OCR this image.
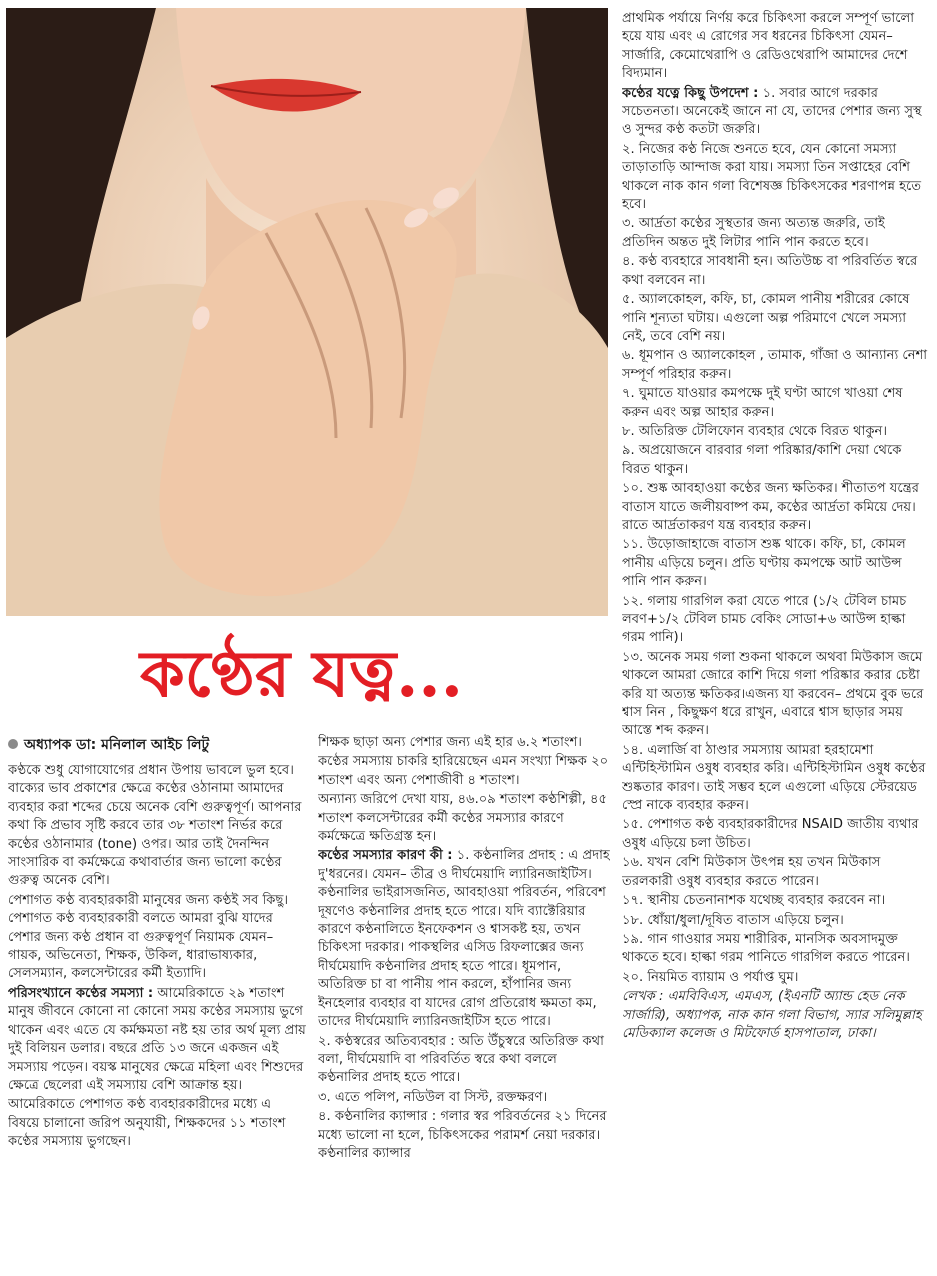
কণ্ঠের যত্ন...
অধ্যাপক ডা: মনিলাল আইচ লিটু

কণ্ঠকে শুধু যোগাযোগের প্রধান উপায় ভাবলে ভুল হবে। বাক্যের ভাব প্রকাশের ক্ষেত্রে কণ্ঠের ওঠানামা আমাদের ব্যবহার করা শব্দের চেয়ে অনেক বেশি গুরুত্বপূর্ণ। আপনার কথা কি প্রভাব সৃষ্টি করবে তার ৩৮ শতাংশ নির্ভর করে কণ্ঠের ওঠানামার (tone) ওপর। আর তাই দৈনন্দিন সাংসারিক বা কর্মক্ষেত্রে কথাবার্তার জন্য ভালো কণ্ঠের গুরুত্ব অনেক বেশি।

পেশাগত কণ্ঠ ব্যবহারকারী মানুষের জন্য কণ্ঠই সব কিছু। পেশাগত কণ্ঠ ব্যবহারকারী বলতে আমরা বুঝি যাদের পেশার জন্য কণ্ঠ প্রধান বা গুরুত্বপূর্ণ নিয়ামক যেমন– গায়ক, অভিনেতা, শিক্ষক, উকিল, ধারাভাষ্যকার, সেলসম্যান, কলসেন্টারের কর্মী ইত্যাদি।

পরিসংখ্যানে কণ্ঠের সমস্যা : আমেরিকাতে ২৯ শতাংশ মানুষ জীবনে কোনো না কোনো সময় কণ্ঠের সমস্যায় ভুগে থাকেন এবং এতে যে কর্মক্ষমতা নষ্ট হয় তার অর্থ মূল্য প্রায় দুই বিলিয়ন ডলার। বছরে প্রতি ১৩ জনে একজন এই সমস্যায় পড়েন। বয়স্ক মানুষের ক্ষেত্রে মহিলা এবং শিশুদের ক্ষেত্রে ছেলেরা এই সমস্যায় বেশি আক্রান্ত হয়।

আমেরিকাতে পেশাগত কণ্ঠ ব্যবহারকারীদের মধ্যে এ বিষয়ে চালানো জরিপ অনুযায়ী, শিক্ষকদের ১১ শতাংশ কণ্ঠের সমস্যায় ভুগছেন।

শিক্ষক ছাড়া অন্য পেশার জন্য এই হার ৬.২ শতাংশ।

কণ্ঠের সমস্যায় চাকরি হারিয়েছেন এমন সংখ্যা শিক্ষক ২০ শতাংশ এবং অন্য পেশাজীবী ৪ শতাংশ।

অন্যান্য জরিপে দেখা যায়, ৪৬.০৯ শতাংশ কণ্ঠশিল্পী, ৪৫ শতাংশ কলসেন্টারের কর্মী কণ্ঠের সমস্যার কারণে কর্মক্ষেত্রে ক্ষতিগ্রস্ত হন।

কণ্ঠের সমস্যার কারণ কী : ১. কণ্ঠনালির প্রদাহ : এ প্রদাহ দু'ধরনের। যেমন– তীব্র ও দীর্ঘমেয়াদি ল্যারিনজাইটিস। কণ্ঠনালির ভাইরাসজনিত, আবহাওয়া পরিবর্তন, পরিবেশ দূষণেও কণ্ঠনালির প্রদাহ হতে পারে। যদি ব্যাক্টেরিয়ার কারণে কণ্ঠনালিতে ইনফেকশন ও শ্বাসকষ্ট হয়, তখন চিকিৎসা দরকার। পাকস্থলির এসিড রিফলাক্সের জন্য দীর্ঘমেয়াদি কণ্ঠনালির প্রদাহ হতে পারে। ধূমপান, অতিরিক্ত চা বা পানীয় পান করলে, হাঁপানির জন্য ইনহেলার ব্যবহার বা যাদের রোগ প্রতিরোধ ক্ষমতা কম, তাদের দীর্ঘমেয়াদি ল্যারিনজাইটিস হতে পারে।

২. কণ্ঠস্বরের অতিব্যবহার : অতি উঁচুস্বরে অতিরিক্ত কথা বলা, দীর্ঘমেয়াদি বা পরিবর্তিত স্বরে কথা বললে কণ্ঠনালির প্রদাহ হতে পারে।

৩. এতে পলিপ, নডিউল বা সিস্ট, রক্তক্ষরণ।

৪. কণ্ঠনালির ক্যান্সার : গলার স্বর পরিবর্তনের ২১ দিনের মধ্যে ভালো না হলে, চিকিৎসকের পরামর্শ নেয়া দরকার। কণ্ঠনালির ক্যান্সার

প্রাথমিক পর্যায়ে নির্ণয় করে চিকিৎসা করলে সম্পূর্ণ ভালো হয়ে যায় এবং এ রোগের সব ধরনের চিকিৎসা যেমন– সার্জারি, কেমোথেরাপি ও রেডিওথেরাপি আমাদের দেশে বিদ্যমান।

কণ্ঠের যত্নে কিছু উপদেশ : ১. সবার আগে দরকার সচেতনতা। অনেকেই জানে না যে, তাদের পেশার জন্য সুস্থ ও সুন্দর কণ্ঠ কতটা জরুরি।

২. নিজের কণ্ঠ নিজে শুনতে হবে, যেন কোনো সমস্যা তাড়াতাড়ি আন্দাজ করা যায়। সমস্যা তিন সপ্তাহের বেশি থাকলে নাক কান গলা বিশেষজ্ঞ চিকিৎসকের শরণাপন্ন হতে হবে।

৩. আর্দ্রতা কণ্ঠের সুস্থতার জন্য অত্যন্ত জরুরি, তাই প্রতিদিন অন্তত দুই লিটার পানি পান করতে হবে।

৪. কণ্ঠ ব্যবহারে সাবধানী হন। অতিউচ্চ বা পরিবর্তিত স্বরে কথা বলবেন না।

৫. অ্যালকোহল, কফি, চা, কোমল পানীয় শরীরের কোষে পানি শূন্যতা ঘটায়। এগুলো অল্প পরিমাণে খেলে সমস্যা নেই, তবে বেশি নয়।

৬. ধূমপান ও অ্যালকোহল , তামাক, গাঁজা ও আন্যান্য নেশা সম্পূর্ণ পরিহার করুন।

৭. ঘুমাতে যাওয়ার কমপক্ষে দুই ঘণ্টা আগে খাওয়া শেষ করুন এবং অল্প আহার করুন।

৮. অতিরিক্ত টেলিফোন ব্যবহার থেকে বিরত থাকুন।

৯. অপ্রয়োজনে বারবার গলা পরিষ্কার/কাশি দেয়া থেকে বিরত থাকুন।

১০. শুষ্ক আবহাওয়া কণ্ঠের জন্য ক্ষতিকর। শীতাতপ যন্ত্রের বাতাস যাতে জলীয়বাষ্প কম, কণ্ঠের আর্দ্রতা কমিয়ে দেয়। রাতে আর্দ্রতাকরণ যন্ত্র ব্যবহার করুন।

১১. উড়োজাহাজে বাতাস শুষ্ক থাকে। কফি, চা, কোমল পানীয় এড়িয়ে চলুন। প্রতি ঘণ্টায় কমপক্ষে আট আউন্স পানি পান করুন।

১২. গলায় গারগিল করা যেতে পারে (১/২ টেবিল চামচ লবণ+১/২ টেবিল চামচ বেকিং সোডা+৬ আউন্স হাল্কা গরম পানি)।

১৩. অনেক সময় গলা শুকনা থাকলে অথবা মিউকাস জমে থাকলে আমরা জোরে কাশি দিয়ে গলা পরিষ্কার করার চেষ্টা করি যা অত্যন্ত ক্ষতিকর।এজন্য যা করবেন– প্রথমে বুক ভরে শ্বাস নিন , কিছুক্ষণ ধরে রাখুন, এবারে শ্বাস ছাড়ার সময় আস্তে শব্দ করুন।

১৪. এলার্জি বা ঠাণ্ডার সমস্যায় আমরা হরহামেশা এন্টিহিস্টামিন ওষুধ ব্যবহার করি। এন্টিহিস্টামিন ওষুধ কণ্ঠের শুষ্কতার কারণ। তাই সম্ভব হলে এগুলো এড়িয়ে স্টেরয়েড স্প্রে নাকে ব্যবহার করুন।

১৫. পেশাগত কণ্ঠ ব্যবহারকারীদের NSAID জাতীয় ব্যথার ওষুধ এড়িয়ে চলা উচিত।

১৬. যখন বেশি মিউকাস উৎপন্ন হয় তখন মিউকাস তরলকারী ওষুধ ব্যবহার করতে পারেন।

১৭. স্থানীয় চেতনানাশক যথেচ্ছ ব্যবহার করবেন না।

১৮. ধোঁয়া/ধুলা/দূষিত বাতাস এড়িয়ে চলুন।

১৯. গান গাওয়ার সময় শারীরিক, মানসিক অবসাদমুক্ত থাকতে হবে। হাল্কা গরম পানিতে গারগিল করতে পারেন।

২০. নিয়মিত ব্যায়াম ও পর্যাপ্ত ঘুম।

লেখক : এমবিবিএস, এমএস, (ইএনটি অ্যান্ড হেড নেক সার্জারি), অধ্যাপক, নাক কান গলা বিভাগ, স্যার সলিমুল্লাহ মেডিক্যাল কলেজ ও মিটফোর্ড হাসপাতাল, ঢাকা।
